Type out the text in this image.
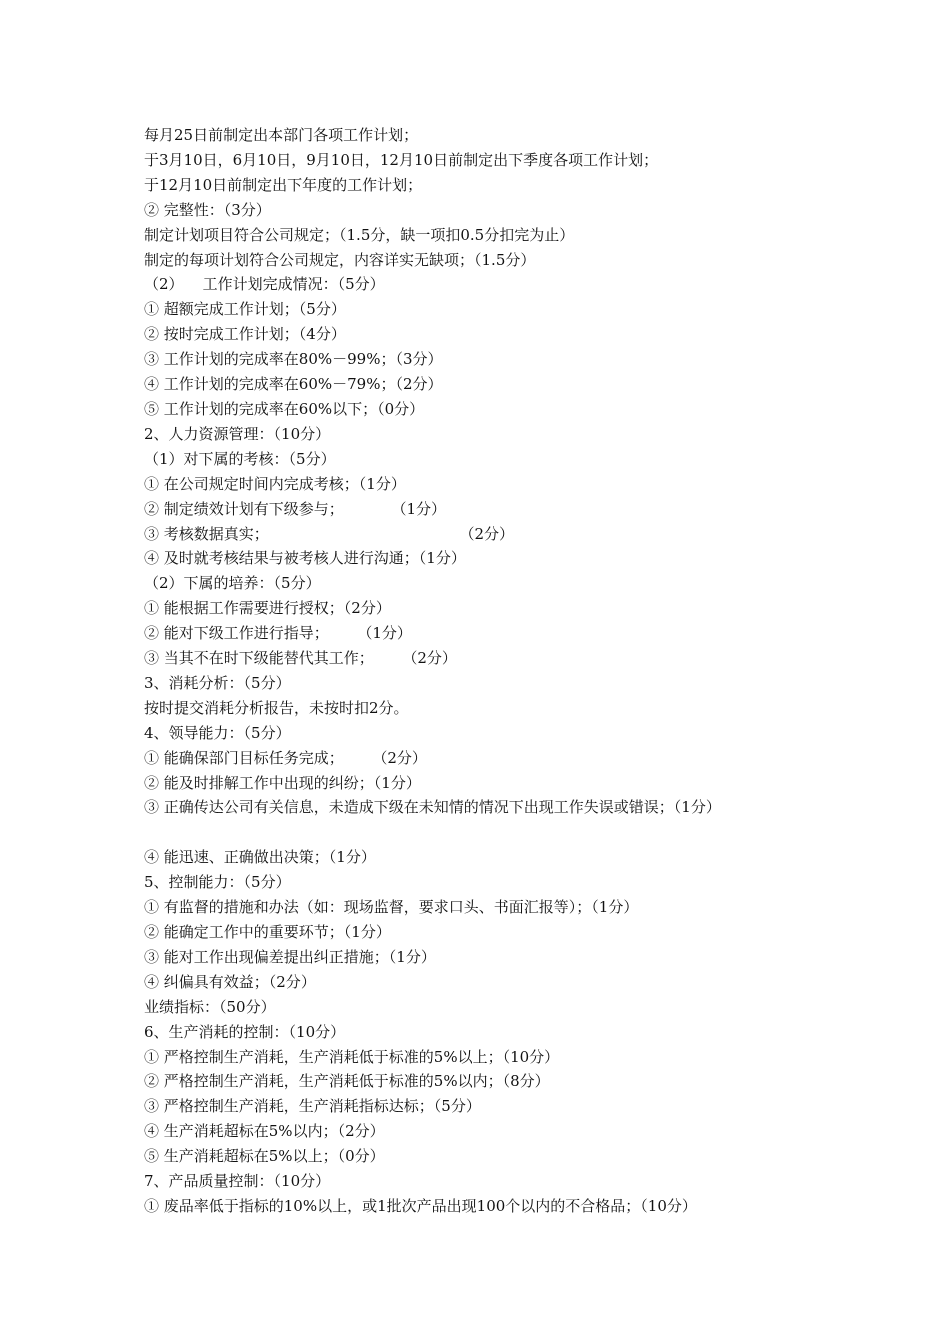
每月25日前制定出本部门各项工作计划；
于3月10日，6月10日，9月10日，12月10日前制定出下季度各项工作计划；
于12月10日前制定出下年度的工作计划；
② 完整性：（3分）
制定计划项目符合公司规定；（1.5分，缺一项扣0.5分扣完为止）
制定的每项计划符合公司规定，内容详实无缺项；（1.5分）
（2）    工作计划完成情况：（5分）
① 超额完成工作计划；（5分）
② 按时完成工作计划；（4分）
③ 工作计划的完成率在80%－99%；（3分）
④ 工作计划的完成率在60%－79%；（2分）
⑤ 工作计划的完成率在60%以下；（0分）
2、人力资源管理：（10分）
（1）对下属的考核：（5分）
① 在公司规定时间内完成考核；（1分）
② 制定绩效计划有下级参与；          （1分）
③ 考核数据真实；                                        （2分）
④ 及时就考核结果与被考核人进行沟通；（1分）
（2）下属的培养：（5分）
① 能根据工作需要进行授权；（2分）
② 能对下级工作进行指导；      （1分）
③ 当其不在时下级能替代其工作；      （2分）
3、消耗分析：（5分）
按时提交消耗分析报告，未按时扣2分。
4、领导能力：（5分）
① 能确保部门目标任务完成；      （2分）
② 能及时排解工作中出现的纠纷；（1分）
③ 正确传达公司有关信息，未造成下级在未知情的情况下出现工作失误或错误；（1分）
④ 能迅速、正确做出决策；（1分）
5、控制能力：（5分）
① 有监督的措施和办法（如：现场监督，要求口头、书面汇报等）；（1分）
② 能确定工作中的重要环节；（1分）
③ 能对工作出现偏差提出纠正措施；（1分）
④ 纠偏具有效益；（2分）
业绩指标：（50分）
6、生产消耗的控制：（10分）
① 严格控制生产消耗，生产消耗低于标准的5%以上；（10分）
② 严格控制生产消耗，生产消耗低于标准的5%以内；（8分）
③ 严格控制生产消耗，生产消耗指标达标；（5分）
④ 生产消耗超标在5%以内；（2分）
⑤ 生产消耗超标在5%以上；（0分）
7、产品质量控制：（10分）
① 废品率低于指标的10%以上，或1批次产品出现100个以内的不合格品；（10分）
